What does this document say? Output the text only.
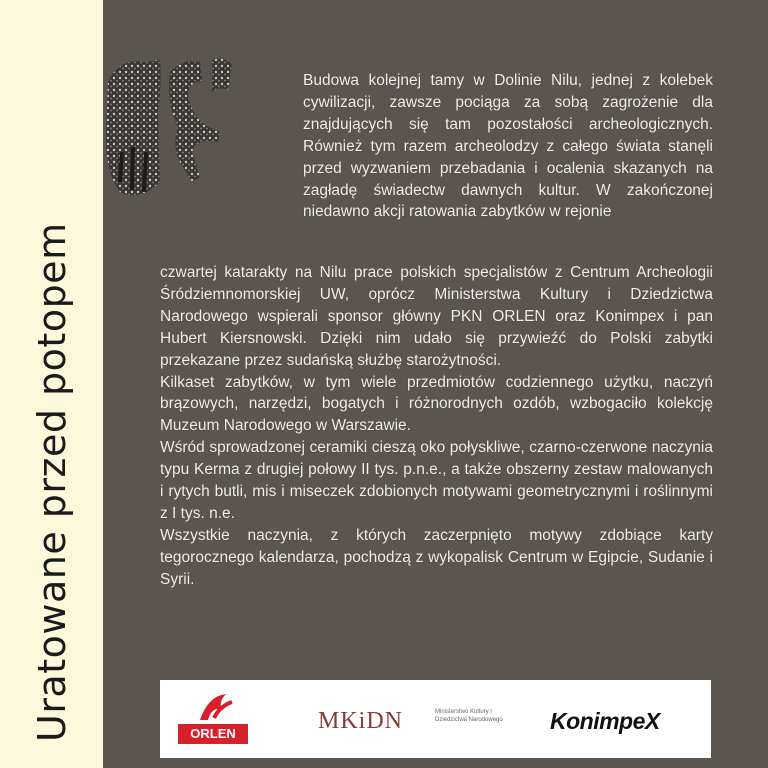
Uratowane przed potopem

Budowa kolejnej tamy w Dolinie Nilu, jednej z kolebek cywilizacji, zawsze pociąga za sobą zagrożenie dla znajdujących się tam pozostałości archeologicznych. Również tym razem archeolodzy z całego świata stanęli przed wyzwaniem przebadania i ocalenia skazanych na zagładę świadectw dawnych kultur. W zakończonej niedawno akcji ratowania zabytków w rejonie

czwartej katarakty na Nilu prace polskich specjalistów z Centrum Archeologii Śródziemnomorskiej UW, oprócz Ministerstwa Kultury i Dziedzictwa Narodowego wspierali sponsor główny PKN ORLEN oraz Konimpex i pan Hubert Kiersnowski. Dzięki nim udało się przywieźć do Polski zabytki przekazane przez sudańską służbę starożytności.

Kilkaset zabytków, w tym wiele przedmiotów codziennego użytku, naczyń brązowych, narzędzi, bogatych i różnorodnych ozdób, wzbogaciło kolekcję Muzeum Narodowego w Warszawie.

Wśród sprowadzonej ceramiki cieszą oko połyskliwe, czarno-czerwone naczynia typu Kerma z drugiej połowy II tys. p.n.e., a także obszerny zestaw malowanych i rytych butli, mis i miseczek zdobionych motywami geometrycznymi i roślinnymi z I tys. n.e.

Wszystkie naczynia, z których zaczerpnięto motywy zdobiące karty tegorocznego kalendarza, pochodzą z wykopalisk Centrum w Egipcie, Sudanie i Syrii.

ORLEN	MKiDN	Ministerstwo Kultury i Dziedzictwa Narodowego	KonimpeX
